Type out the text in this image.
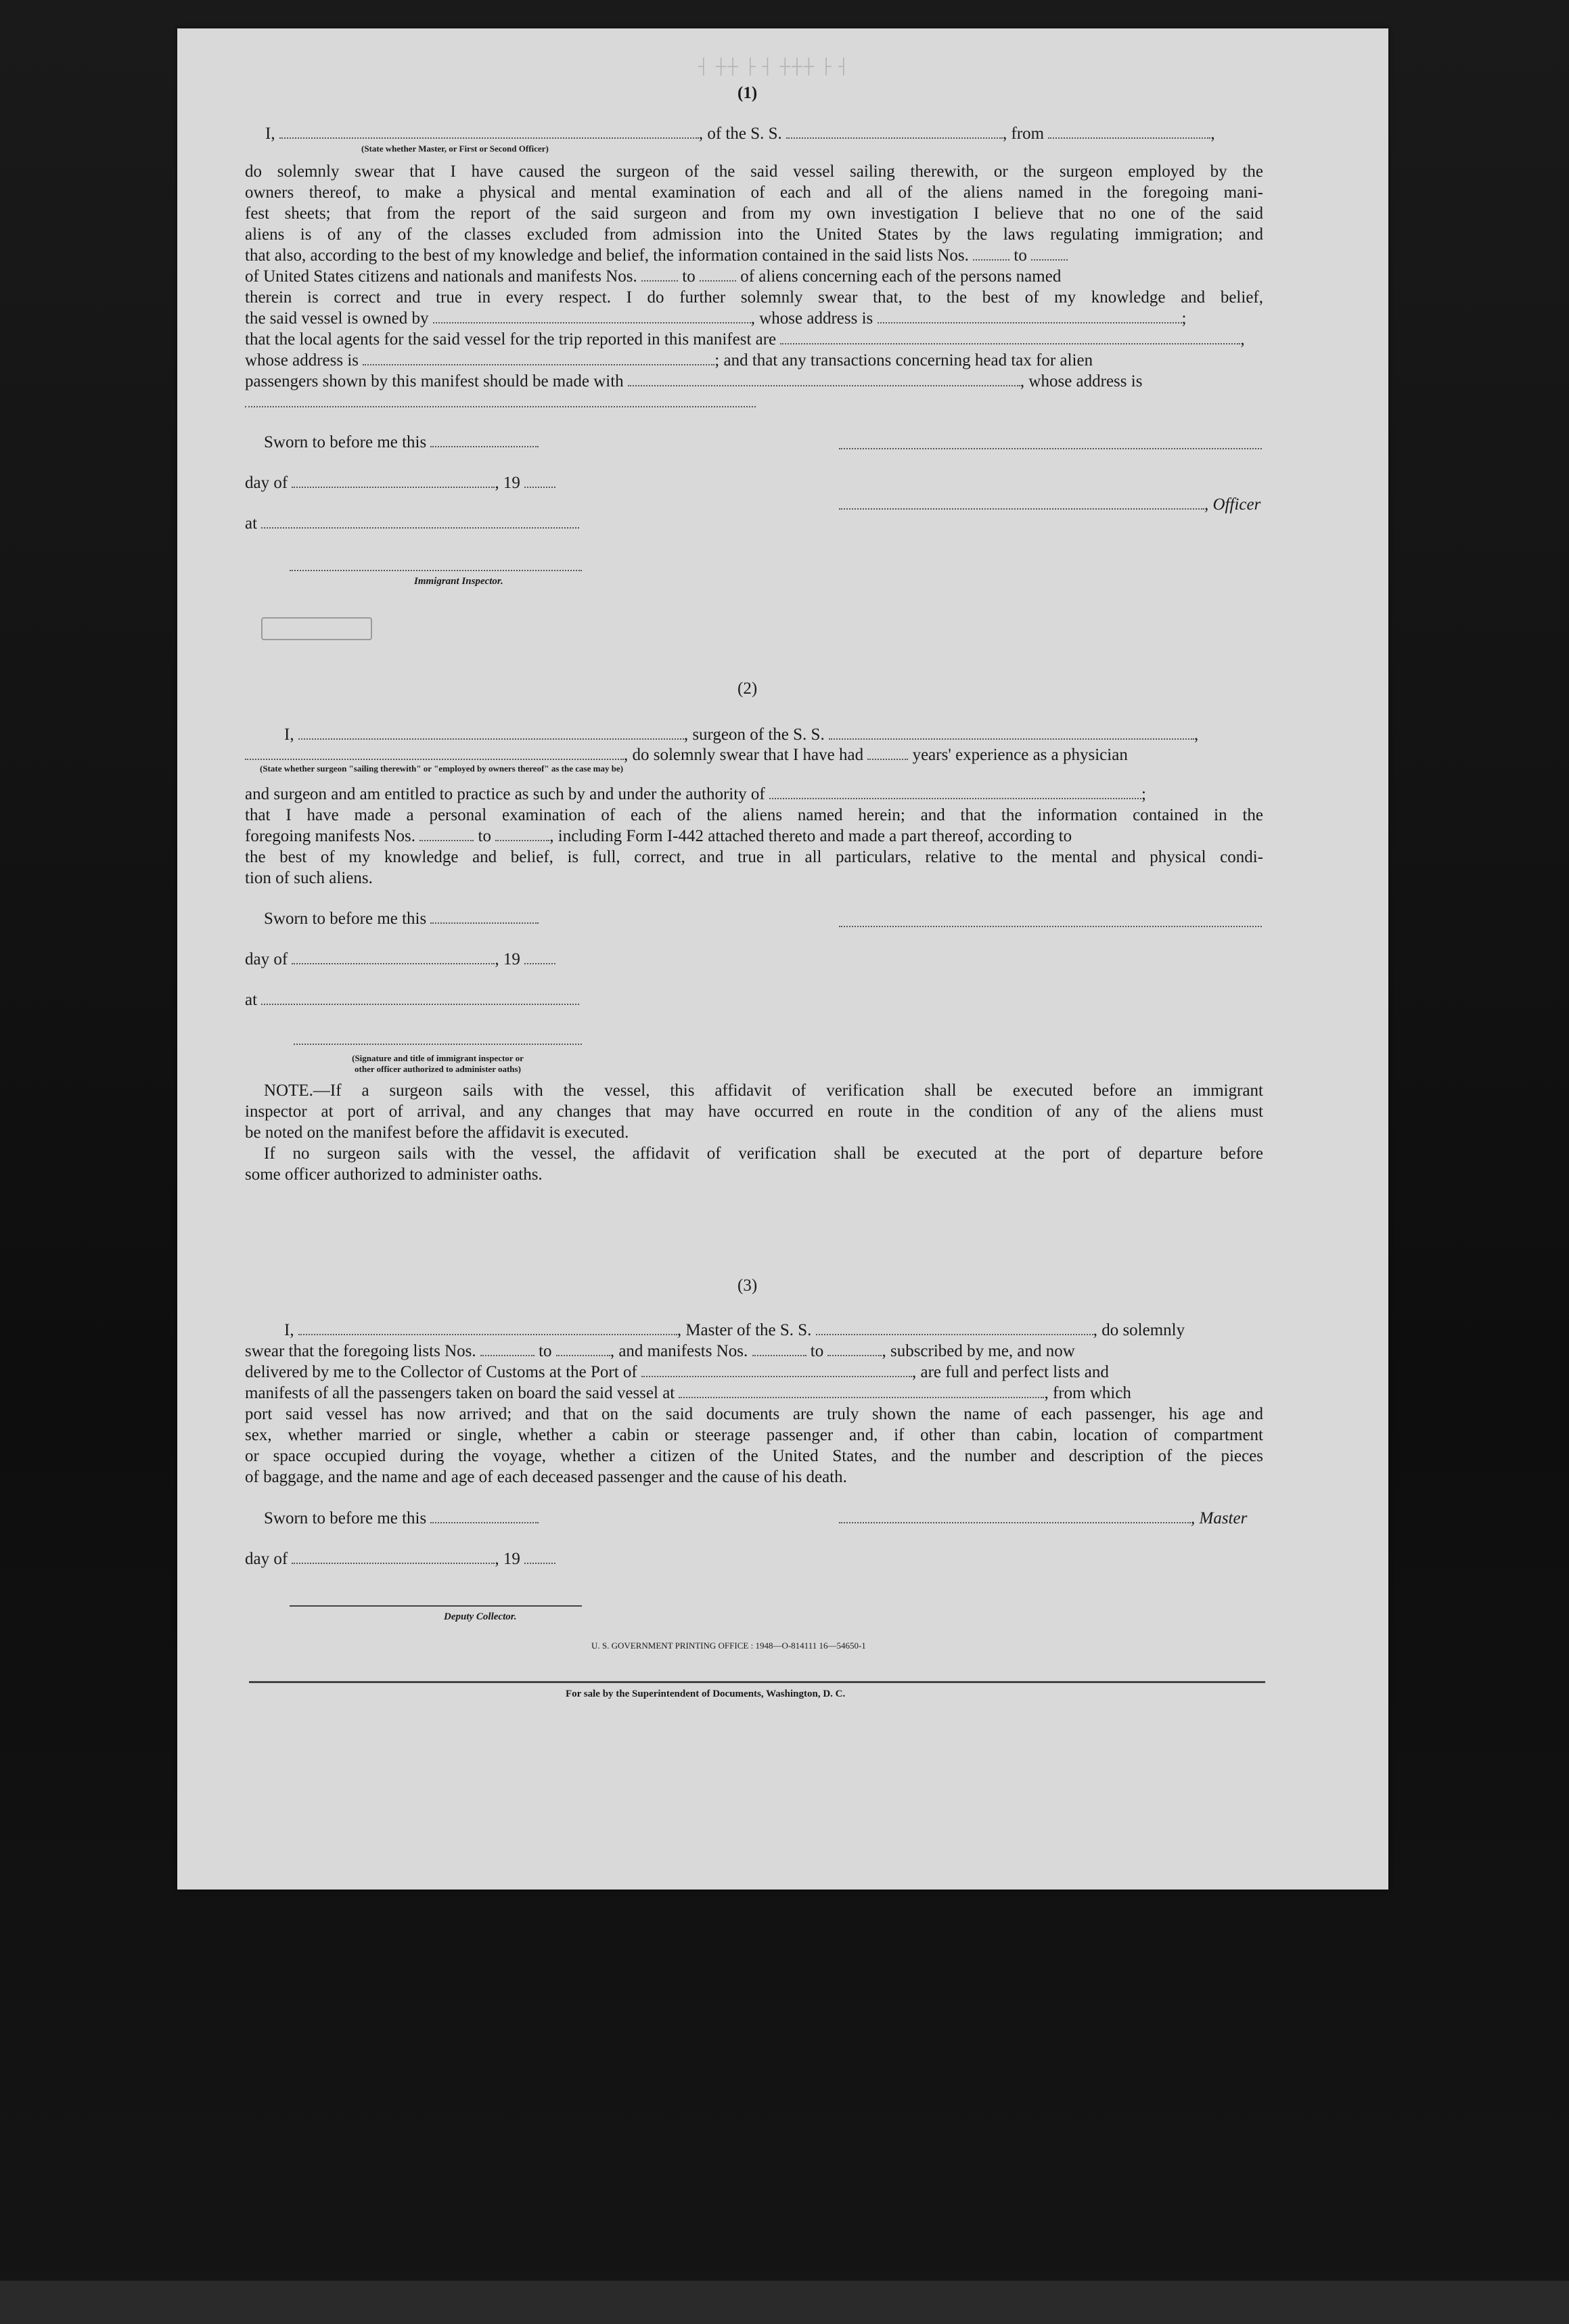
┤ ┼┼ ├ ┤ ┼┼┼ ├ ┤
(1)
I,	, of the S. S.	, from	,
(State whether Master, or First or Second Officer)
do solemnly swear that I have caused the surgeon of the said vessel sailing therewith, or the surgeon employed by the
owners thereof, to make a physical and mental examination of each and all of the aliens named in the foregoing mani-
fest sheets; that from the report of the said surgeon and from my own investigation I believe that no one of the said
aliens is of any of the classes excluded from admission into the United States by the laws regulating immigration; and
that also, according to the best of my knowledge and belief, the information contained in the said lists Nos.	to
of United States citizens and nationals and manifests Nos.	to	of aliens concerning each of the persons named
therein is correct and true in every respect. I do further solemnly swear that, to the best of my knowledge and belief,
the said vessel is owned by	, whose address is	;
that the local agents for the said vessel for the trip reported in this manifest are	,
whose address is	; and that any transactions concerning head tax for alien
passengers shown by this manifest should be made with	, whose address is
Sworn to before me this
day of	, 19
, Officer
at
Immigrant Inspector.
(2)
I,	, surgeon of the S. S.	,
, do solemnly swear that I have had	years' experience as a physician
(State whether surgeon "sailing therewith" or "employed by owners thereof" as the case may be)
and surgeon and am entitled to practice as such by and under the authority of	;
that I have made a personal examination of each of the aliens named herein; and that the information contained in the
foregoing manifests Nos.	to	, including Form I-442 attached thereto and made a part thereof, according to
the best of my knowledge and belief, is full, correct, and true in all particulars, relative to the mental and physical condi-
tion of such aliens.
Sworn to before me this
day of	, 19
at
(Signature and title of immigrant inspector or
other officer authorized to administer oaths)
NOTE.—If a surgeon sails with the vessel, this affidavit of verification shall be executed before an immigrant
inspector at port of arrival, and any changes that may have occurred en route in the condition of any of the aliens must
be noted on the manifest before the affidavit is executed.
If no surgeon sails with the vessel, the affidavit of verification shall be executed at the port of departure before
some officer authorized to administer oaths.
(3)
I,	, Master of the S. S.	, do solemnly
swear that the foregoing lists Nos.	to	, and manifests Nos.	to	, subscribed by me, and now
delivered by me to the Collector of Customs at the Port of	, are full and perfect lists and
manifests of all the passengers taken on board the said vessel at	, from which
port said vessel has now arrived; and that on the said documents are truly shown the name of each passenger, his age and
sex, whether married or single, whether a cabin or steerage passenger and, if other than cabin, location of compartment
or space occupied during the voyage, whether a citizen of the United States, and the number and description of the pieces
of baggage, and the name and age of each deceased passenger and the cause of his death.
Sworn to before me this	, Master
day of	, 19
Deputy Collector.
U. S. GOVERNMENT PRINTING OFFICE : 1948—O-814111 16—54650-1
For sale by the Superintendent of Documents, Washington, D. C.
